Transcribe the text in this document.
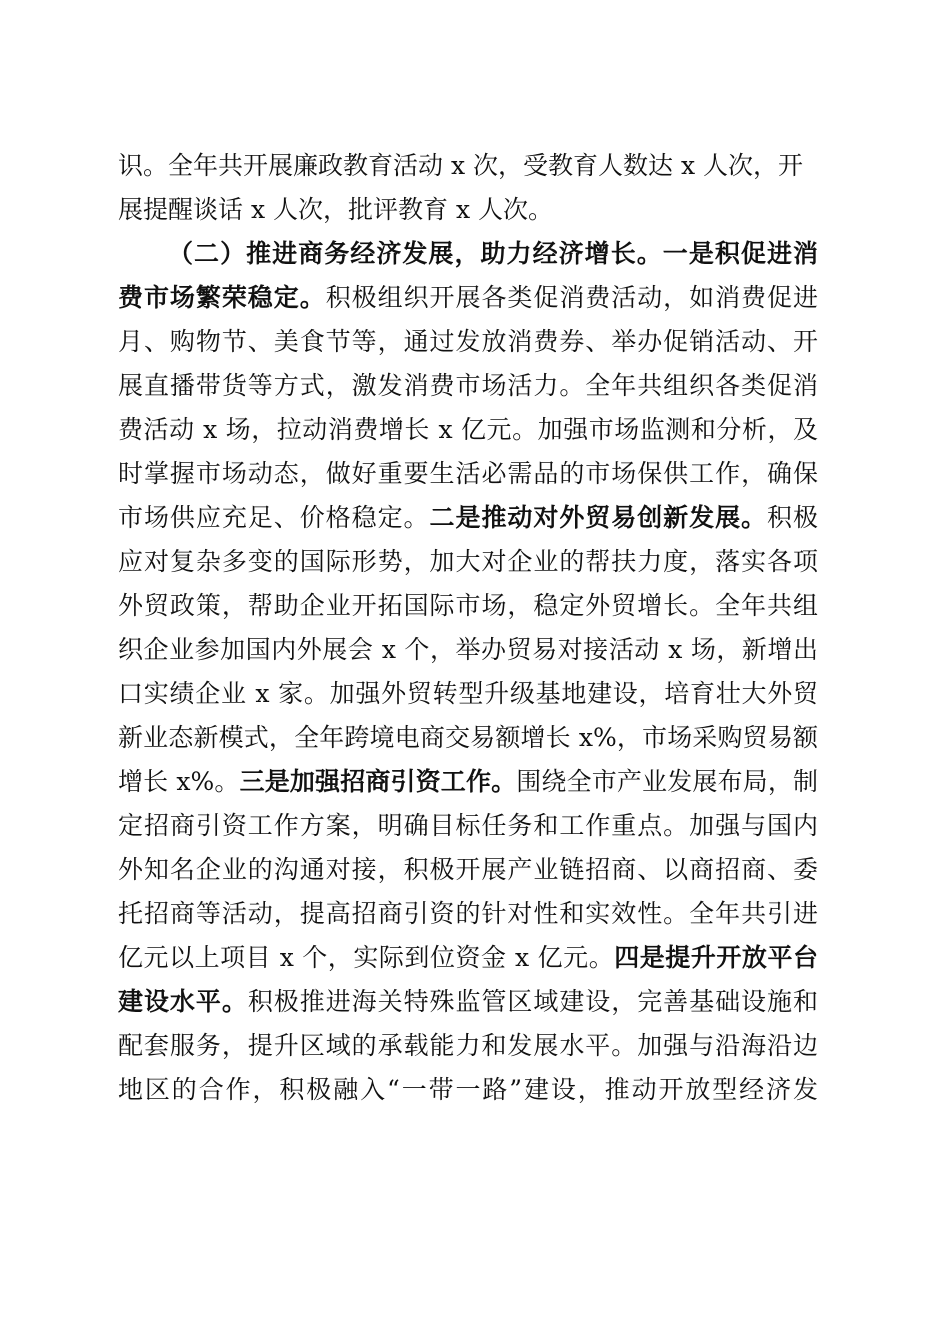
识。全年共开展廉政教育活动 x 次，受教育人数达 x 人次，开
展提醒谈话 x 人次，批评教育 x 人次。
（二）推进商务经济发展，助力经济增长。一是积促进消
费市场繁荣稳定。积极组织开展各类促消费活动，如消费促进
月、购物节、美食节等，通过发放消费券、举办促销活动、开
展直播带货等方式，激发消费市场活力。全年共组织各类促消
费活动 x 场，拉动消费增长 x 亿元。加强市场监测和分析，及
时掌握市场动态，做好重要生活必需品的市场保供工作，确保
市场供应充足、价格稳定。二是推动对外贸易创新发展。积极
应对复杂多变的国际形势，加大对企业的帮扶力度，落实各项
外贸政策，帮助企业开拓国际市场，稳定外贸增长。全年共组
织企业参加国内外展会 x 个，举办贸易对接活动 x 场，新增出
口实绩企业 x 家。加强外贸转型升级基地建设，培育壮大外贸
新业态新模式，全年跨境电商交易额增长 x%，市场采购贸易额
增长 x%。三是加强招商引资工作。围绕全市产业发展布局，制
定招商引资工作方案，明确目标任务和工作重点。加强与国内
外知名企业的沟通对接，积极开展产业链招商、以商招商、委
托招商等活动，提高招商引资的针对性和实效性。全年共引进
亿元以上项目 x 个，实际到位资金 x 亿元。四是提升开放平台
建设水平。积极推进海关特殊监管区域建设，完善基础设施和
配套服务，提升区域的承载能力和发展水平。加强与沿海沿边
地区的合作，积极融入“一带一路”建设，推动开放型经济发
